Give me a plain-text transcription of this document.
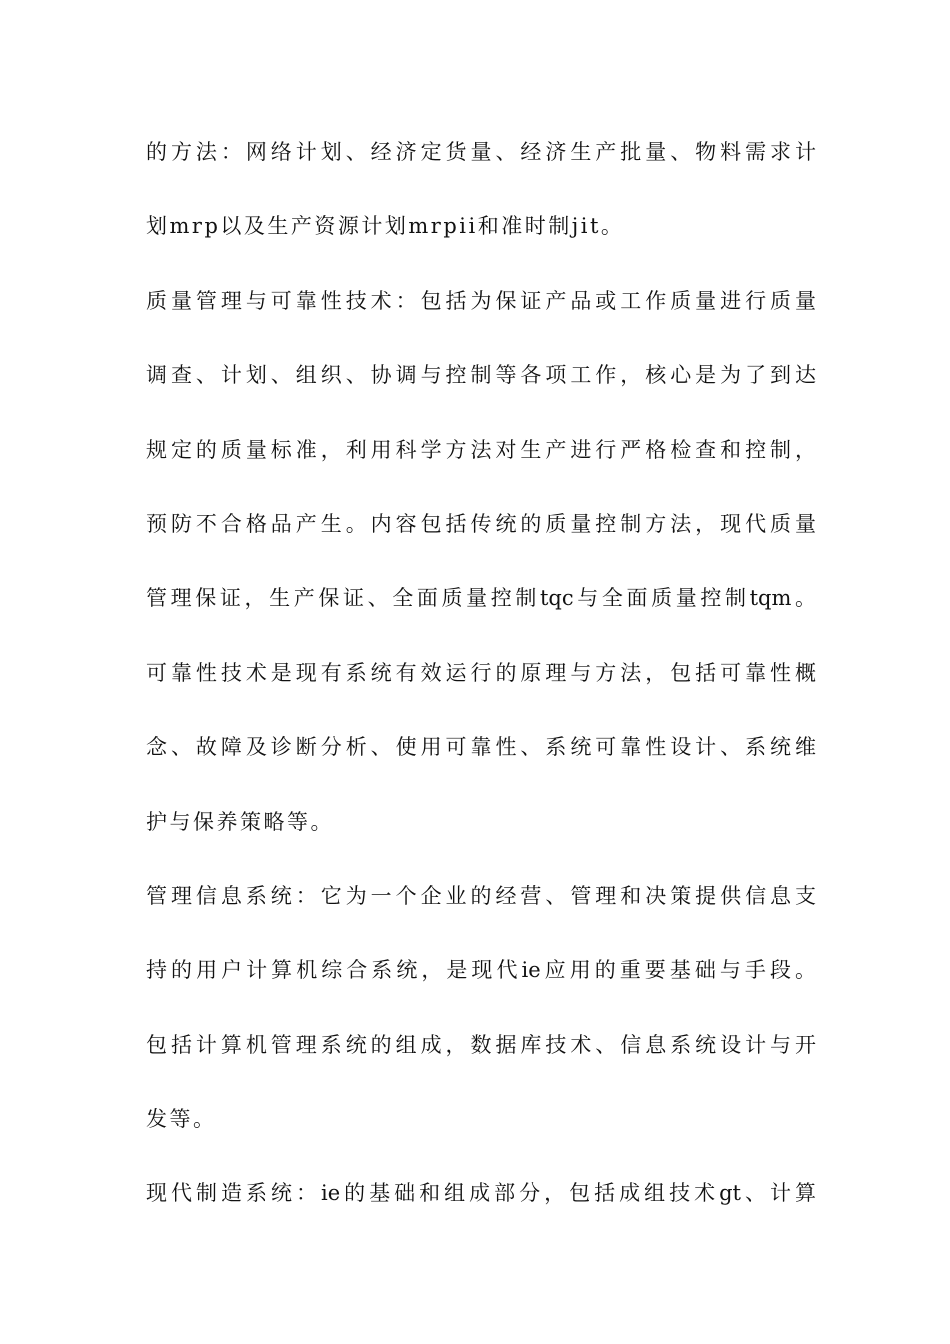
的方法：网络计划、经济定货量、经济生产批量、物料需求计
划mrp以及生产资源计划mrpii和准时制jit。
质量管理与可靠性技术：包括为保证产品或工作质量进行质量
调查、计划、组织、协调与控制等各项工作，核心是为了到达
规定的质量标准，利用科学方法对生产进行严格检查和控制，
预防不合格品产生。内容包括传统的质量控制方法，现代质量
管理保证，生产保证、全面质量控制tqc与全面质量控制tqm。
可靠性技术是现有系统有效运行的原理与方法，包括可靠性概
念、故障及诊断分析、使用可靠性、系统可靠性设计、系统维
护与保养策略等。
管理信息系统：它为一个企业的经营、管理和决策提供信息支
持的用户计算机综合系统，是现代ie应用的重要基础与手段。
包括计算机管理系统的组成，数据库技术、信息系统设计与开
发等。
现代制造系统：ie的基础和组成部分，包括成组技术gt、计算
